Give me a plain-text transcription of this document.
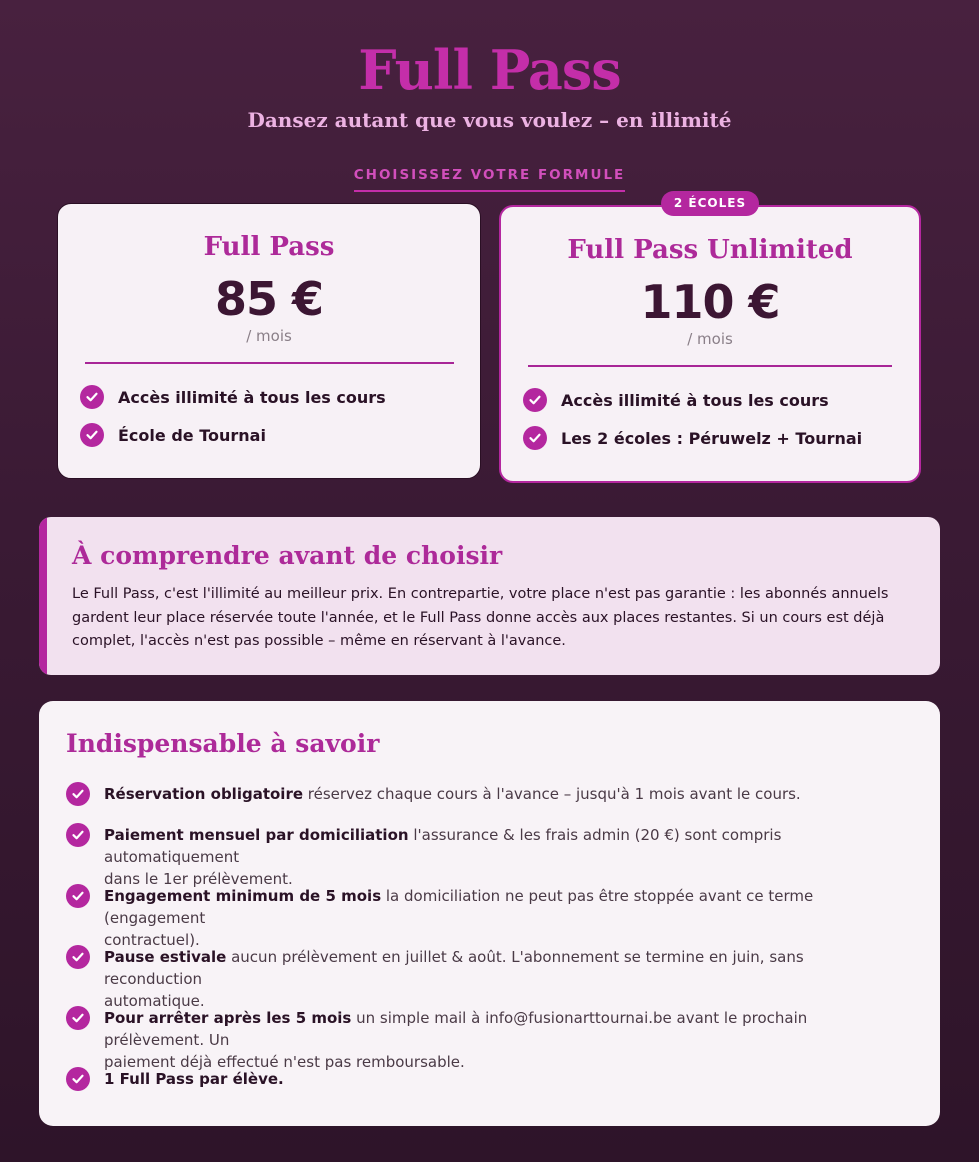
Full Pass
Dansez autant que vous voulez – en illimité
CHOISISSEZ VOTRE FORMULE
Full Pass
85 €
/ mois
Accès illimité à tous les cours
École de Tournai
Full Pass Unlimited
110 €
/ mois
Accès illimité à tous les cours
Les 2 écoles : Péruwelz + Tournai
2 ÉCOLES
À comprendre avant de choisir
Le Full Pass, c'est l'illimité au meilleur prix. En contrepartie, votre place n'est pas garantie : les abonnés annuels
gardent leur place réservée toute l'année, et le Full Pass donne accès aux places restantes. Si un cours est déjà
complet, l'accès n'est pas possible – même en réservant à l'avance.
Indispensable à savoir
Réservation obligatoire réservez chaque cours à l'avance – jusqu'à 1 mois avant le cours.
Paiement mensuel par domiciliation l'assurance & les frais admin (20 €) sont compris automatiquement
dans le 1er prélèvement.
Engagement minimum de 5 mois la domiciliation ne peut pas être stoppée avant ce terme (engagement
contractuel).
Pause estivale aucun prélèvement en juillet & août. L'abonnement se termine en juin, sans reconduction
automatique.
Pour arrêter après les 5 mois un simple mail à info@fusionarttournai.be avant le prochain prélèvement. Un
paiement déjà effectué n'est pas remboursable.
1 Full Pass par élève.
